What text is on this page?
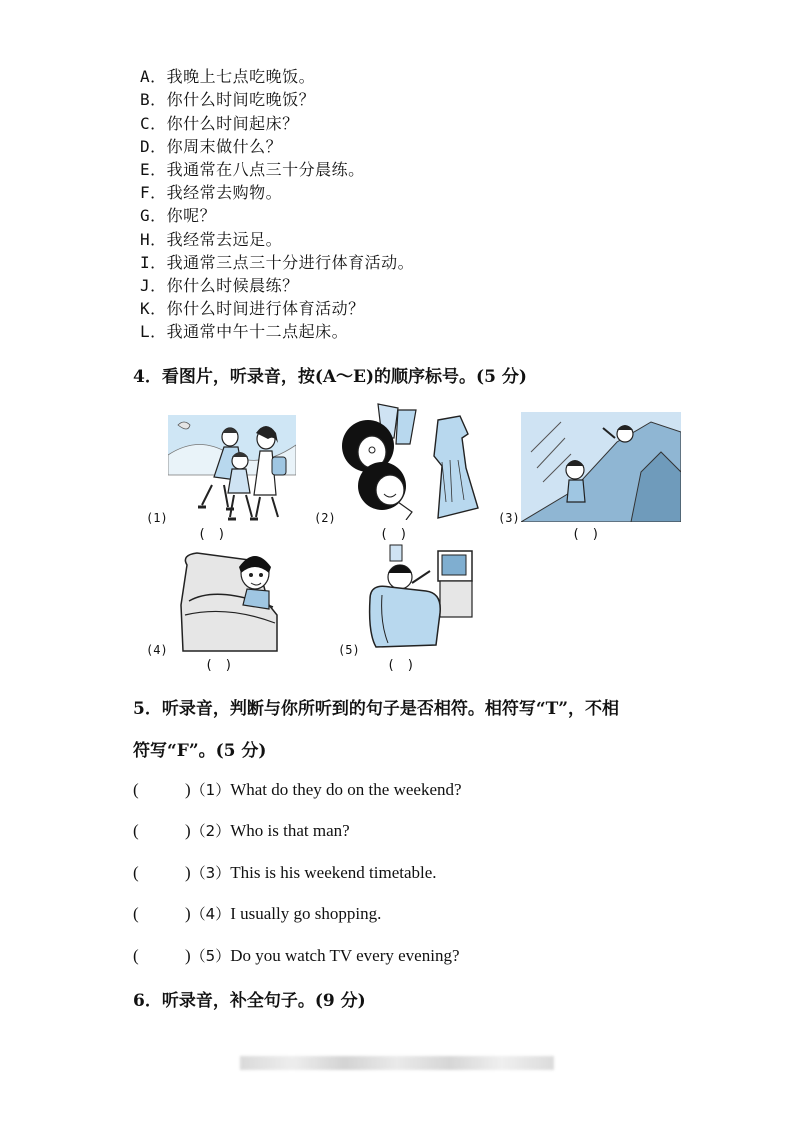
A．我晚上七点吃晚饭。
B．你什么时间吃晚饭？
C．你什么时间起床？
D．你周末做什么？
E．我通常在八点三十分晨练。
F．我经常去购物。
G．你呢？
H．我经常去远足。
I．我通常三点三十分进行体育活动。
J．你什么时候晨练？
K．你什么时间进行体育活动？
L．我通常中午十二点起床。
4．看图片，听录音，按(A～E)的顺序标号。(5 分)
(1)
( )
(2)
( )
(3)
( )
(4)
( )
(5)
( )
5．听录音，判断与你所听到的句子是否相符。相符写“T”，不相
符写“F”。(5 分)
(	)（1）What do they do on the weekend?
(	)（2）Who is that man?
(	)（3）This is his weekend timetable.
(	)（4）I usually go shopping.
(	)（5）Do you watch TV every evening?
6．听录音，补全句子。(9 分)
